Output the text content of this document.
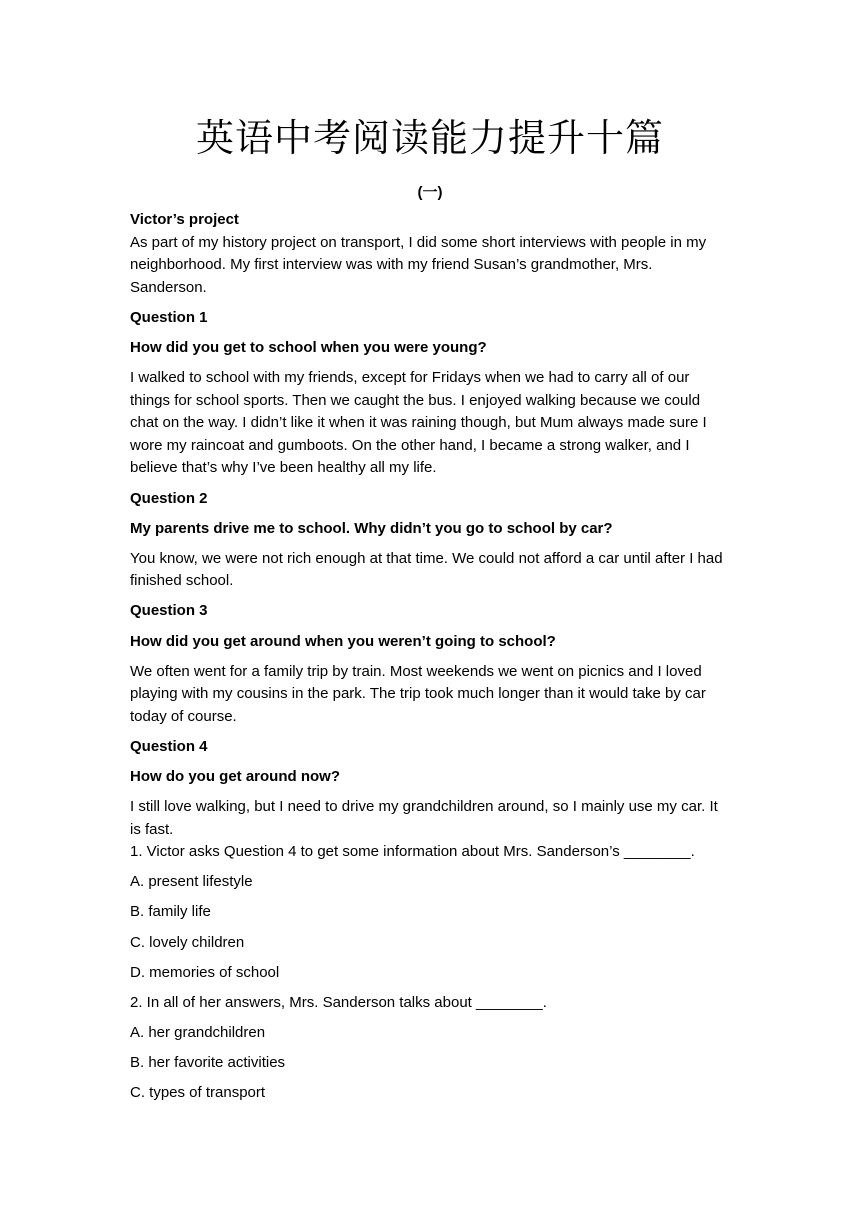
英语中考阅读能力提升十篇
(一)

Victor’s project

As part of my history project on transport, I did some short interviews with people in my neighborhood. My first interview was with my friend Susan’s grandmother, Mrs. Sanderson.

Question 1

How did you get to school when you were young?

I walked to school with my friends, except for Fridays when we had to carry all of our things for school sports. Then we caught the bus. I enjoyed walking because we could chat on the way. I didn’t like it when it was raining though, but Mum always made sure I wore my raincoat and gumboots. On the other hand, I became a strong walker, and I believe that’s why I’ve been healthy all my life.

Question 2

My parents drive me to school. Why didn’t you go to school by car?

You know, we were not rich enough at that time. We could not afford a car until after I had finished school.

Question 3

How did you get around when you weren’t going to school?

We often went for a family trip by train. Most weekends we went on picnics and I loved playing with my cousins in the park. The trip took much longer than it would take by car today of course.

Question 4

How do you get around now?

I still love walking, but I need to drive my grandchildren around, so I mainly use my car. It is fast.

1. Victor asks Question 4 to get some information about Mrs. Sanderson’s ________.

A. present lifestyle

B. family life

C. lovely children

D. memories of school

2. In all of her answers, Mrs. Sanderson talks about ________.

A. her grandchildren

B. her favorite activities

C. types of transport
